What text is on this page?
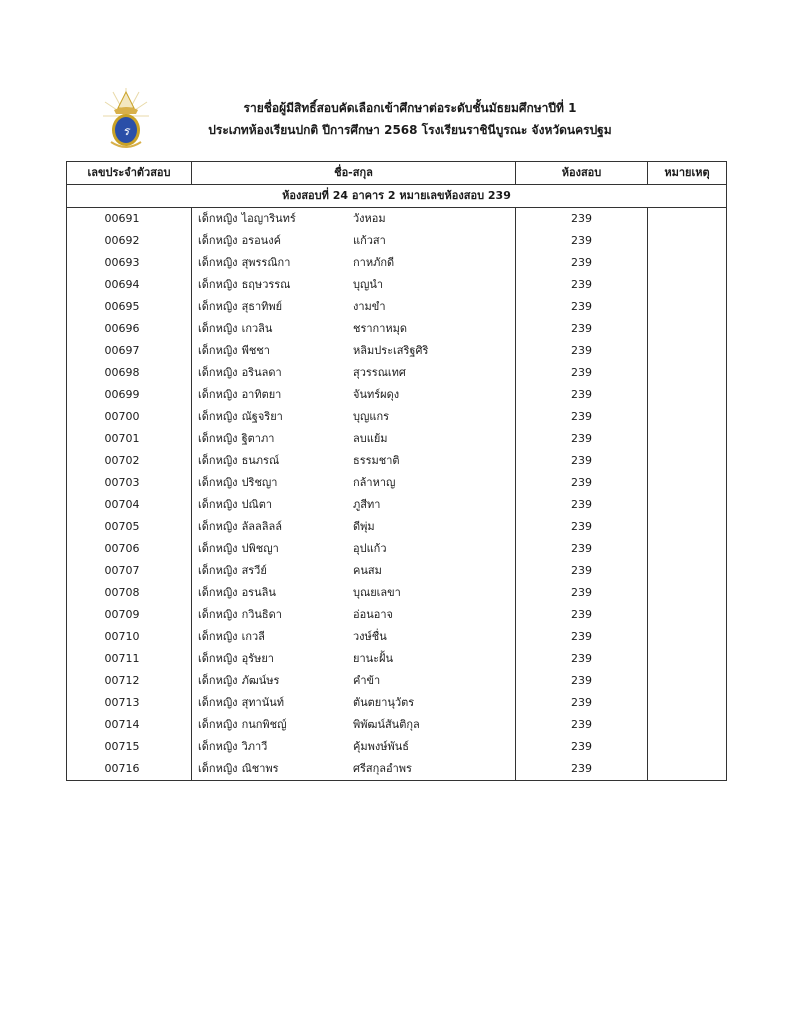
ร
รายชื่อผู้มีสิทธิ์สอบคัดเลือกเข้าศึกษาต่อระดับชั้นมัธยมศึกษาปีที่ 1
ประเภทห้องเรียนปกติ ปีการศึกษา 2568 โรงเรียนราชินีบูรณะ จังหวัดนครปฐม
เลขประจำตัวสอบ	ชื่อ-สกุล	ห้องสอบ	หมายเหตุ
ห้องสอบที่ 24 อาคาร 2 หมายเลขห้องสอบ 239			
00691	เด็กหญิง ไอญารินทร์ วังหอม	239	
00692	เด็กหญิง อรอนงค์ แก้วสา	239	
00693	เด็กหญิง สุพรรณิกา กาหภักดี	239	
00694	เด็กหญิง ธฤษวรรณ บุญนำ	239	
00695	เด็กหญิง สุธาทิพย์ งามขำ	239	
00696	เด็กหญิง เกวลิน ชรากาหมุด	239	
00697	เด็กหญิง พีชชา หลิมประเสริฐศิริ	239	
00698	เด็กหญิง อรินลดา สุวรรณเทศ	239	
00699	เด็กหญิง อาทิตยา จันทร์ผดุง	239	
00700	เด็กหญิง ณัฐจริยา บุญแกร	239	
00701	เด็กหญิง ฐิตาภา ลบแย้ม	239	
00702	เด็กหญิง ธนภรณ์ ธรรมชาติ	239	
00703	เด็กหญิง ปริชญา กล้าหาญ	239	
00704	เด็กหญิง ปณิตา ภูสีทา	239	
00705	เด็กหญิง ลัลลลิลล์ ดีพุ่ม	239	
00706	เด็กหญิง ปพิชญา อุปแก้ว	239	
00707	เด็กหญิง สรวีย์ คนสม	239	
00708	เด็กหญิง อรนลิน บุณยเลขา	239	
00709	เด็กหญิง กวินธิดา อ่อนอาจ	239	
00710	เด็กหญิง เกวลี วงษ์ชื่น	239	
00711	เด็กหญิง อุรัษยา ยานะฝั้น	239	
00712	เด็กหญิง ภัฒน์ษร คำข้า	239	
00713	เด็กหญิง สุทานันท์ ตันตยานุวัตร	239	
00714	เด็กหญิง กนกพิชญ์ พิพัฒน์สันติกุล	239	
00715	เด็กหญิง วิภาวี คุ้มพงษ์พันธ์	239	
00716	เด็กหญิง ณิชาพร ศรีสกุลอำพร	239	
